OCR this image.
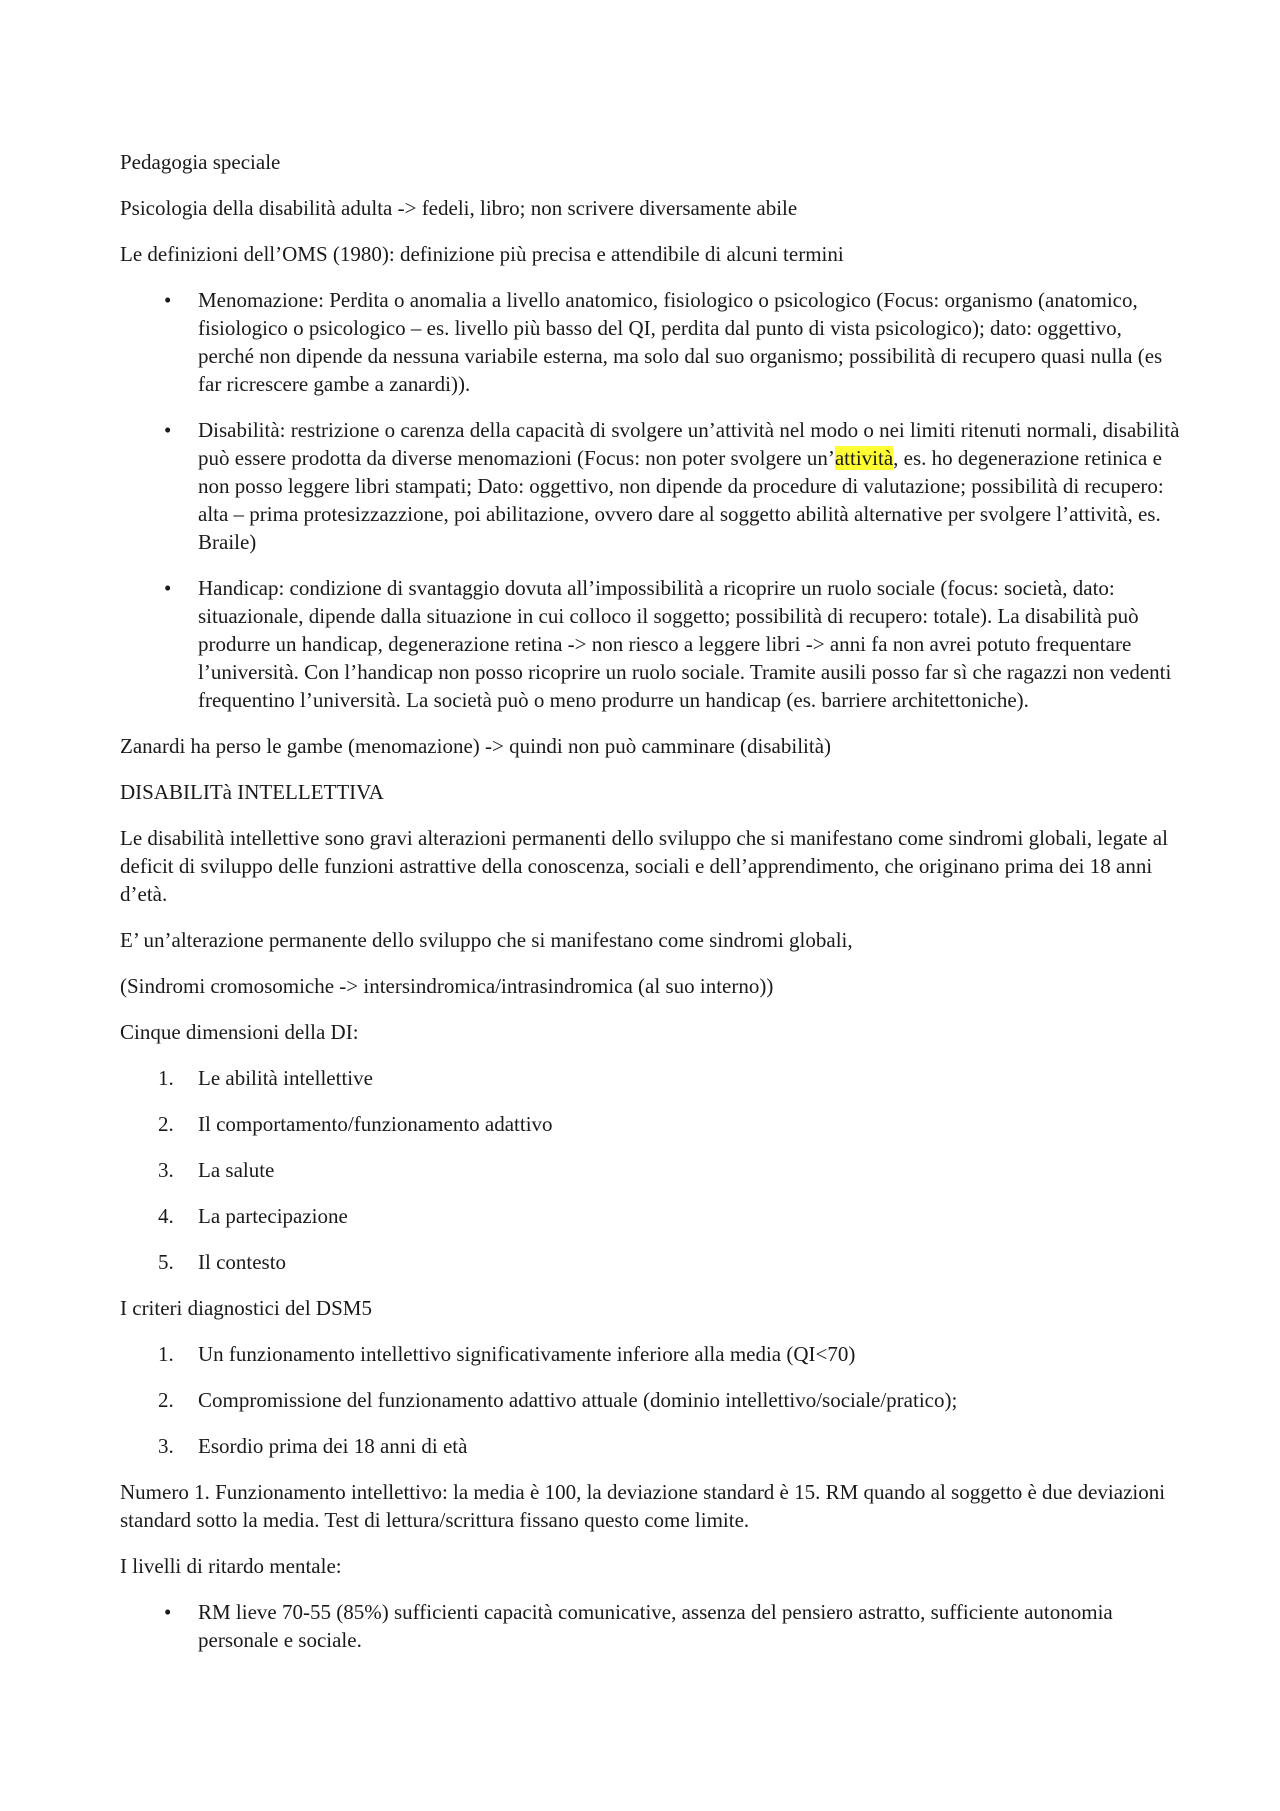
Pedagogia speciale

Psicologia della disabilità adulta -> fedeli, libro; non scrivere diversamente abile

Le definizioni dell’OMS (1980): definizione più precisa e attendibile di alcuni termini

•	Menomazione: Perdita o anomalia a livello anatomico, fisiologico o psicologico (Focus: organismo (anatomico, fisiologico o psicologico – es. livello più basso del QI, perdita dal punto di vista psicologico); dato: oggettivo, perché non dipende da nessuna variabile esterna, ma solo dal suo organismo; possibilità di recupero quasi nulla (es far ricrescere gambe a zanardi)).
•	Disabilità: restrizione o carenza della capacità di svolgere un’attività nel modo o nei limiti ritenuti normali, disabilità può essere prodotta da diverse menomazioni (Focus: non poter svolgere un’attività, es. ho degenerazione retinica e non posso leggere libri stampati; Dato: oggettivo, non dipende da procedure di valutazione; possibilità di recupero: alta – prima protesizzazzione, poi abilitazione, ovvero dare al soggetto abilità alternative per svolgere l’attività, es. Braile)
•	Handicap: condizione di svantaggio dovuta all’impossibilità a ricoprire un ruolo sociale (focus: società, dato: situazionale, dipende dalla situazione in cui colloco il soggetto; possibilità di recupero: totale). La disabilità può produrre un handicap, degenerazione retina -> non riesco a leggere libri -> anni fa non avrei potuto frequentare l’università. Con l’handicap non posso ricoprire un ruolo sociale. Tramite ausili posso far sì che ragazzi non vedenti frequentino l’università. La società può o meno produrre un handicap (es. barriere architettoniche).

Zanardi ha perso le gambe (menomazione) -> quindi non può camminare (disabilità)

DISABILITà INTELLETTIVA

Le disabilità intellettive sono gravi alterazioni permanenti dello sviluppo che si manifestano come sindromi globali, legate al deficit di sviluppo delle funzioni astrattive della conoscenza, sociali e dell’apprendimento, che originano prima dei 18 anni d’età.

E’ un’alterazione permanente dello sviluppo che si manifestano come sindromi globali,

(Sindromi cromosomiche -> intersindromica/intrasindromica (al suo interno))

Cinque dimensioni della DI:

1.	Le abilità intellettive
2.	Il comportamento/funzionamento adattivo
3.	La salute
4.	La partecipazione
5.	Il contesto

I criteri diagnostici del DSM5

1.	Un funzionamento intellettivo significativamente inferiore alla media (QI<70)
2.	Compromissione del funzionamento adattivo attuale (dominio intellettivo/sociale/pratico);
3.	Esordio prima dei 18 anni di età

Numero 1. Funzionamento intellettivo: la media è 100, la deviazione standard è 15. RM quando al soggetto è due deviazioni standard sotto la media. Test di lettura/scrittura fissano questo come limite.

I livelli di ritardo mentale:

•	RM lieve 70-55 (85%) sufficienti capacità comunicative, assenza del pensiero astratto, sufficiente autonomia personale e sociale.
